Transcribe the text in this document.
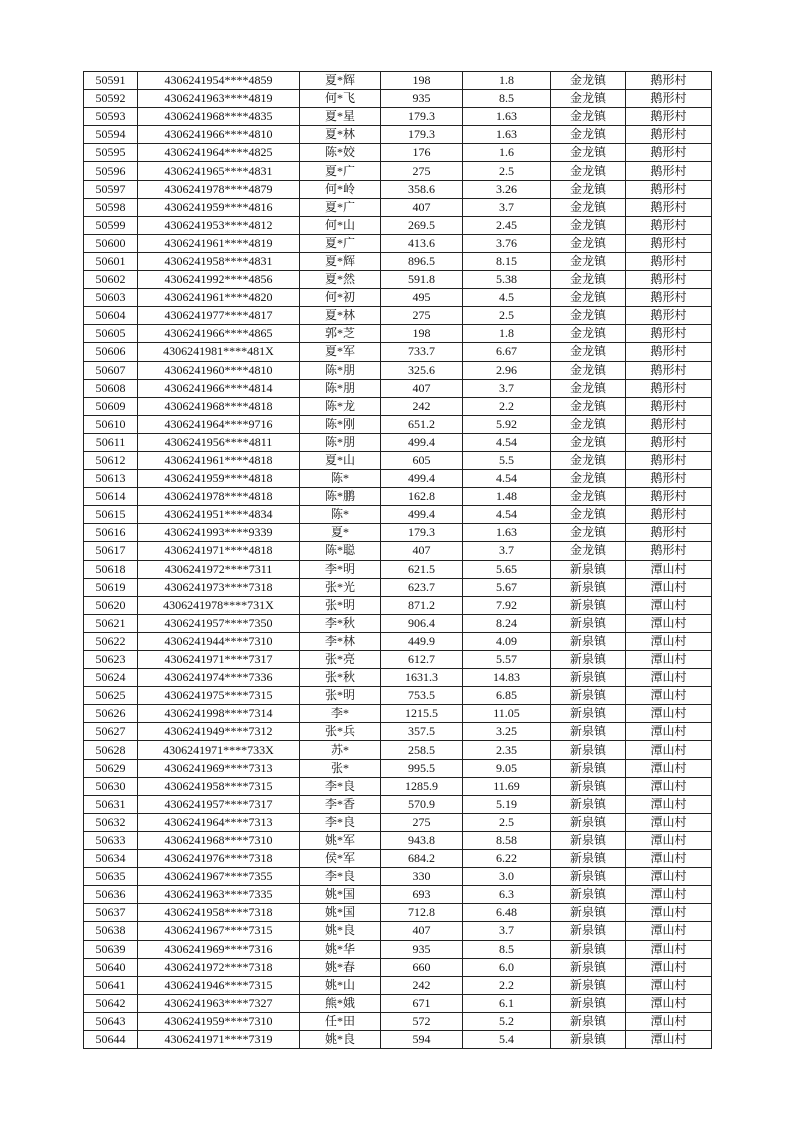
50591	4306241954****4859	夏*辉	198	1.8	金龙镇	鹅形村
50592	4306241963****4819	何*飞	935	8.5	金龙镇	鹅形村
50593	4306241968****4835	夏*星	179.3	1.63	金龙镇	鹅形村
50594	4306241966****4810	夏*林	179.3	1.63	金龙镇	鹅形村
50595	4306241964****4825	陈*姣	176	1.6	金龙镇	鹅形村
50596	4306241965****4831	夏*广	275	2.5	金龙镇	鹅形村
50597	4306241978****4879	何*岭	358.6	3.26	金龙镇	鹅形村
50598	4306241959****4816	夏*广	407	3.7	金龙镇	鹅形村
50599	4306241953****4812	何*山	269.5	2.45	金龙镇	鹅形村
50600	4306241961****4819	夏*广	413.6	3.76	金龙镇	鹅形村
50601	4306241958****4831	夏*辉	896.5	8.15	金龙镇	鹅形村
50602	4306241992****4856	夏*然	591.8	5.38	金龙镇	鹅形村
50603	4306241961****4820	何*初	495	4.5	金龙镇	鹅形村
50604	4306241977****4817	夏*林	275	2.5	金龙镇	鹅形村
50605	4306241966****4865	郭*芝	198	1.8	金龙镇	鹅形村
50606	4306241981****481X	夏*军	733.7	6.67	金龙镇	鹅形村
50607	4306241960****4810	陈*朋	325.6	2.96	金龙镇	鹅形村
50608	4306241966****4814	陈*朋	407	3.7	金龙镇	鹅形村
50609	4306241968****4818	陈*龙	242	2.2	金龙镇	鹅形村
50610	4306241964****9716	陈*刚	651.2	5.92	金龙镇	鹅形村
50611	4306241956****4811	陈*朋	499.4	4.54	金龙镇	鹅形村
50612	4306241961****4818	夏*山	605	5.5	金龙镇	鹅形村
50613	4306241959****4818	陈*	499.4	4.54	金龙镇	鹅形村
50614	4306241978****4818	陈*鹏	162.8	1.48	金龙镇	鹅形村
50615	4306241951****4834	陈*	499.4	4.54	金龙镇	鹅形村
50616	4306241993****9339	夏*	179.3	1.63	金龙镇	鹅形村
50617	4306241971****4818	陈*聪	407	3.7	金龙镇	鹅形村
50618	4306241972****7311	李*明	621.5	5.65	新泉镇	潭山村
50619	4306241973****7318	张*光	623.7	5.67	新泉镇	潭山村
50620	4306241978****731X	张*明	871.2	7.92	新泉镇	潭山村
50621	4306241957****7350	李*秋	906.4	8.24	新泉镇	潭山村
50622	4306241944****7310	李*林	449.9	4.09	新泉镇	潭山村
50623	4306241971****7317	张*亮	612.7	5.57	新泉镇	潭山村
50624	4306241974****7336	张*秋	1631.3	14.83	新泉镇	潭山村
50625	4306241975****7315	张*明	753.5	6.85	新泉镇	潭山村
50626	4306241998****7314	李*	1215.5	11.05	新泉镇	潭山村
50627	4306241949****7312	张*兵	357.5	3.25	新泉镇	潭山村
50628	4306241971****733X	苏*	258.5	2.35	新泉镇	潭山村
50629	4306241969****7313	张*	995.5	9.05	新泉镇	潭山村
50630	4306241958****7315	李*良	1285.9	11.69	新泉镇	潭山村
50631	4306241957****7317	李*香	570.9	5.19	新泉镇	潭山村
50632	4306241964****7313	李*良	275	2.5	新泉镇	潭山村
50633	4306241968****7310	姚*军	943.8	8.58	新泉镇	潭山村
50634	4306241976****7318	侯*军	684.2	6.22	新泉镇	潭山村
50635	4306241967****7355	李*良	330	3.0	新泉镇	潭山村
50636	4306241963****7335	姚*国	693	6.3	新泉镇	潭山村
50637	4306241958****7318	姚*国	712.8	6.48	新泉镇	潭山村
50638	4306241967****7315	姚*良	407	3.7	新泉镇	潭山村
50639	4306241969****7316	姚*华	935	8.5	新泉镇	潭山村
50640	4306241972****7318	姚*春	660	6.0	新泉镇	潭山村
50641	4306241946****7315	姚*山	242	2.2	新泉镇	潭山村
50642	4306241963****7327	熊*娥	671	6.1	新泉镇	潭山村
50643	4306241959****7310	任*田	572	5.2	新泉镇	潭山村
50644	4306241971****7319	姚*良	594	5.4	新泉镇	潭山村
